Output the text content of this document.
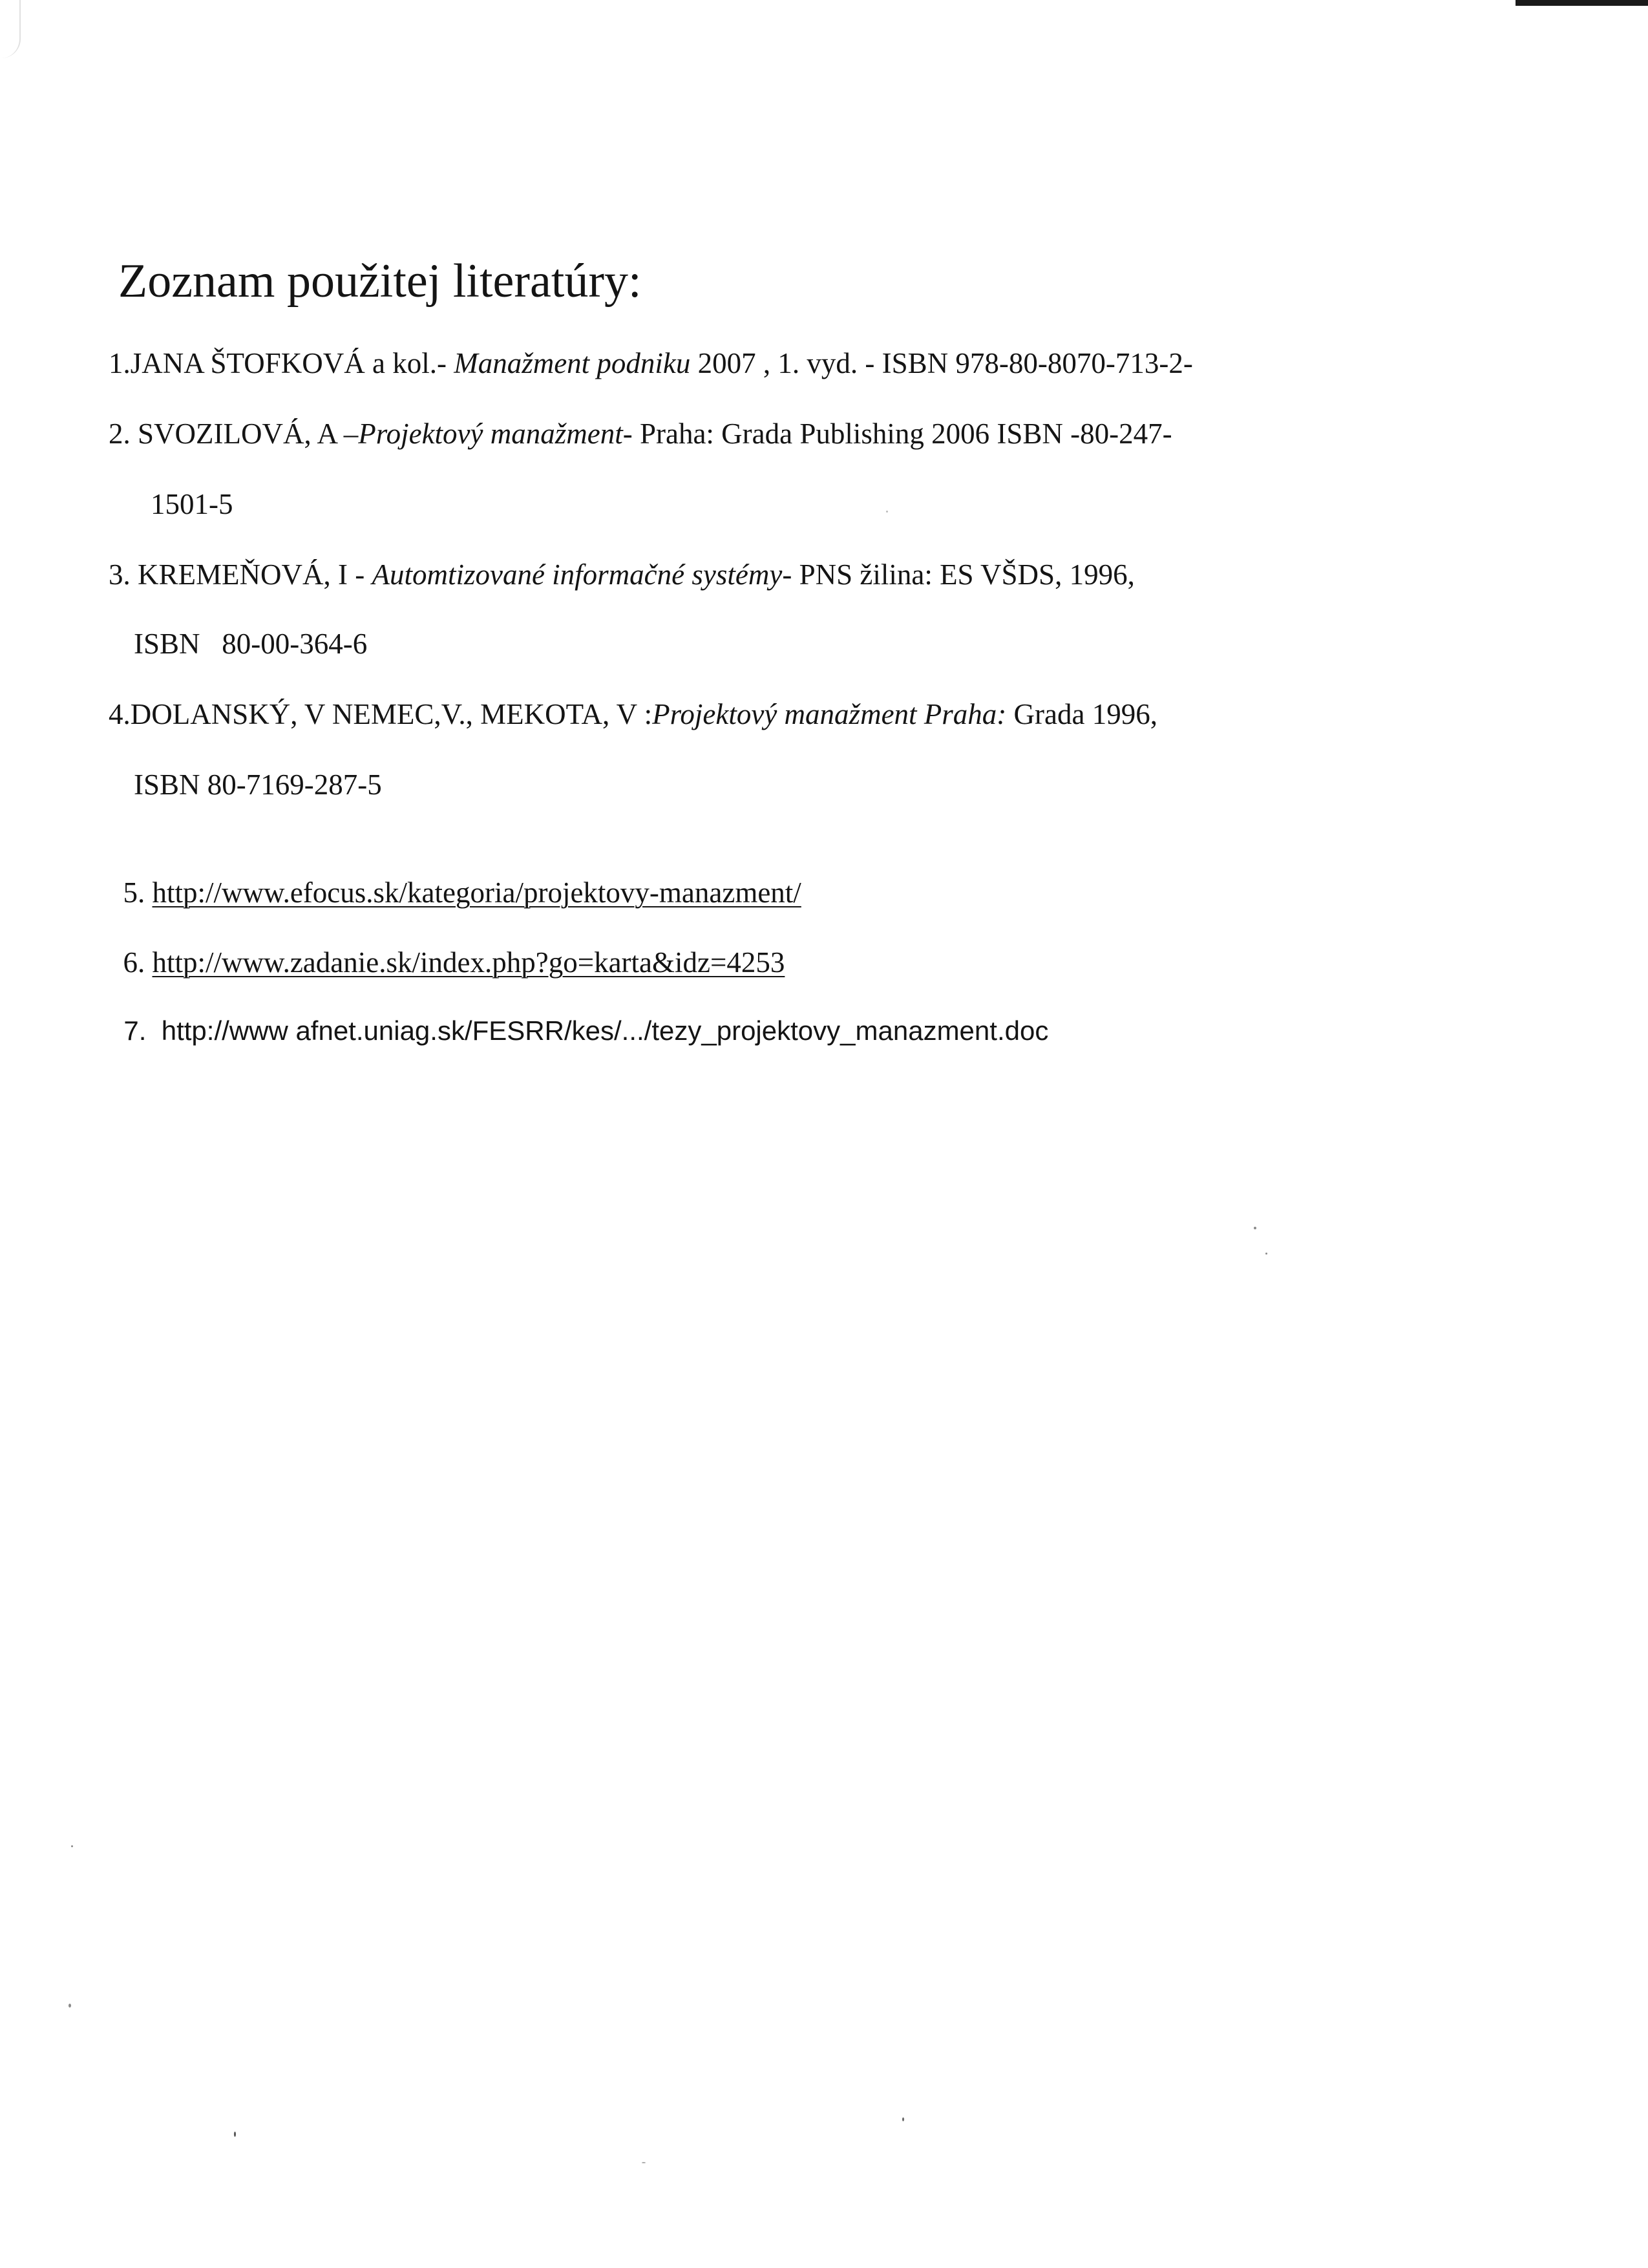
Zoznam použitej literatúry:
1.JANA ŠTOFKOVÁ a kol.- Manažment podniku 2007 , 1. vyd. - ISBN 978-80-8070-713-2-
2. SVOZILOVÁ, A –Projektový manažment- Praha: Grada Publishing 2006 ISBN -80-247-
1501-5
3. KREMEŇOVÁ, I - Automtizované informačné systémy- PNS žilina: ES VŠDS, 1996,
ISBN   80-00-364-6
4.DOLANSKÝ, V NEMEC,V., MEKOTA, V :Projektový manažment Praha: Grada 1996,
ISBN 80-7169-287-5

5. http://www.efocus.sk/kategoria/projektovy-manazment/

6. http://www.zadanie.sk/index.php?go=karta&idz=4253

7.  http://www afnet.uniag.sk/FESRR/kes/.../tezy_projektovy_manazment.doc
